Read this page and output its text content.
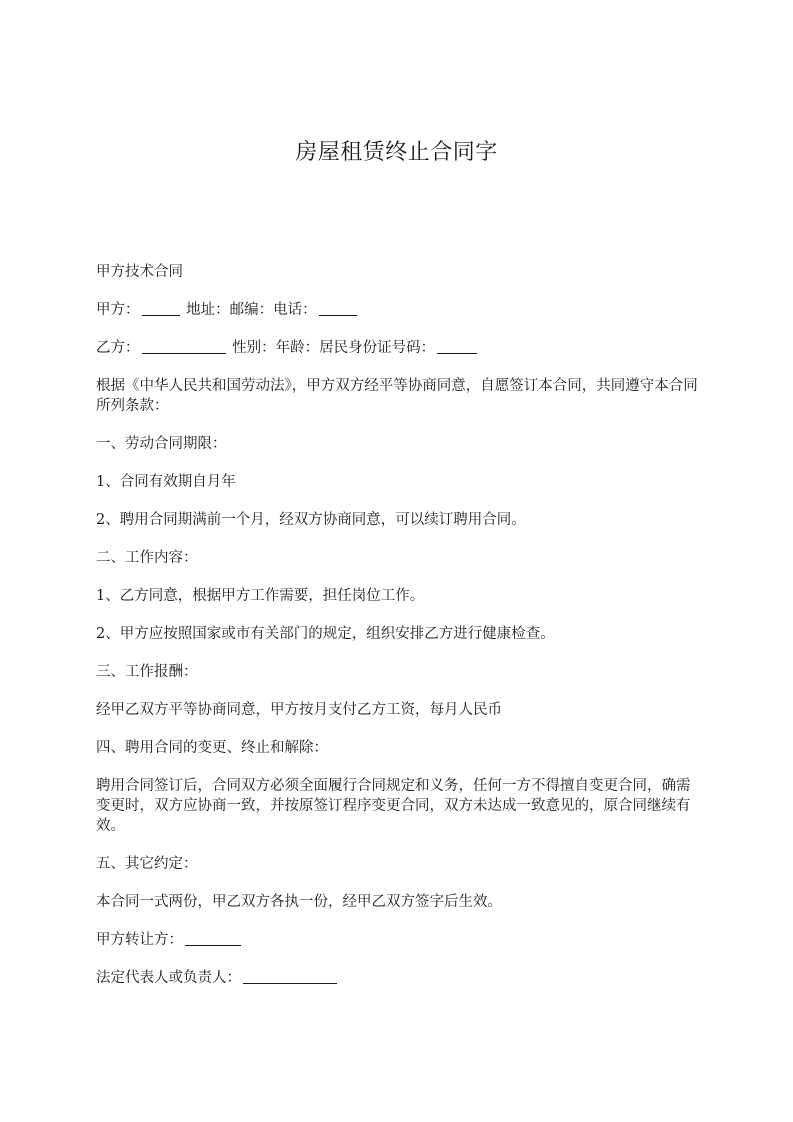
房屋租赁终止合同字

甲方技术合同

甲方：	地址：邮编：电话：

乙方：	性别：年龄：居民身份证号码：

根据《中华人民共和国劳动法》，甲方双方经平等协商同意，自愿签订本合同，共同遵守本合同所列条款：

一、劳动合同期限：

1、合同有效期自月年

2、聘用合同期满前一个月，经双方协商同意，可以续订聘用合同。

二、工作内容：

1、乙方同意，根据甲方工作需要，担任岗位工作。

2、甲方应按照国家或市有关部门的规定，组织安排乙方进行健康检查。

三、工作报酬：

经甲乙双方平等协商同意，甲方按月支付乙方工资，每月人民币

四、聘用合同的变更、终止和解除：

聘用合同签订后，合同双方必须全面履行合同规定和义务，任何一方不得擅自变更合同，确需变更时，双方应协商一致，并按原签订程序变更合同，双方未达成一致意见的，原合同继续有效。

五、其它约定：

本合同一式两份，甲乙双方各执一份，经甲乙双方签字后生效。

甲方转让方：

法定代表人或负责人：
